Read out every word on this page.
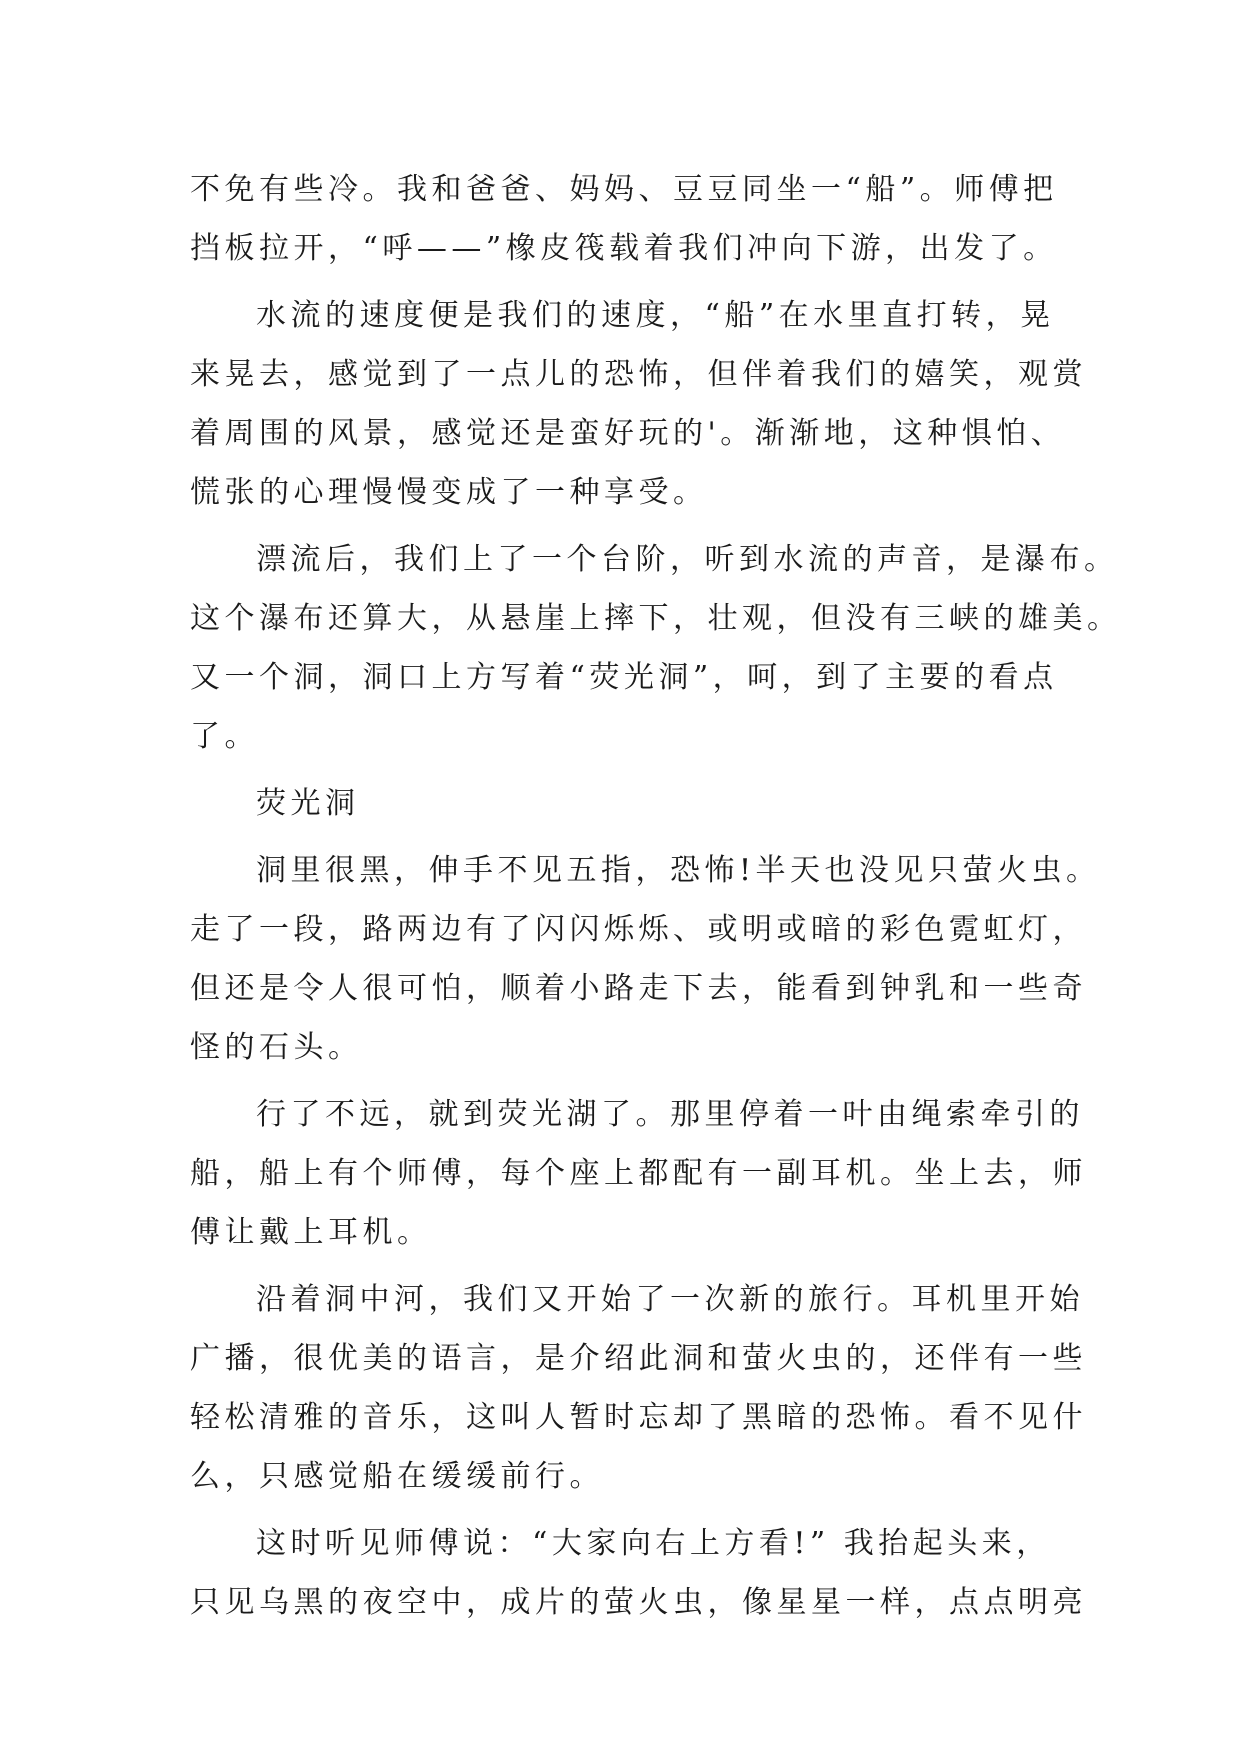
不免有些冷。我和爸爸、妈妈、豆豆同坐一“船”。师傅把
挡板拉开，“呼——”橡皮筏载着我们冲向下游，出发了。

水流的速度便是我们的速度，“船”在水里直打转，晃
来晃去，感觉到了一点儿的恐怖，但伴着我们的嬉笑，观赏
着周围的风景，感觉还是蛮好玩的'。渐渐地，这种惧怕、
慌张的心理慢慢变成了一种享受。

漂流后，我们上了一个台阶，听到水流的声音，是瀑布。
这个瀑布还算大，从悬崖上摔下，壮观，但没有三峡的雄美。
又一个洞，洞口上方写着“荧光洞”，呵，到了主要的看点
了。

荧光洞

洞里很黑，伸手不见五指，恐怖!半天也没见只萤火虫。
走了一段，路两边有了闪闪烁烁、或明或暗的彩色霓虹灯，
但还是令人很可怕，顺着小路走下去，能看到钟乳和一些奇
怪的石头。

行了不远，就到荧光湖了。那里停着一叶由绳索牵引的
船，船上有个师傅，每个座上都配有一副耳机。坐上去，师
傅让戴上耳机。

沿着洞中河，我们又开始了一次新的旅行。耳机里开始
广播，很优美的语言，是介绍此洞和萤火虫的，还伴有一些
轻松清雅的音乐，这叫人暂时忘却了黑暗的恐怖。看不见什
么，只感觉船在缓缓前行。

这时听见师傅说：“大家向右上方看!” 我抬起头来，
只见乌黑的夜空中，成片的萤火虫，像星星一样，点点明亮
